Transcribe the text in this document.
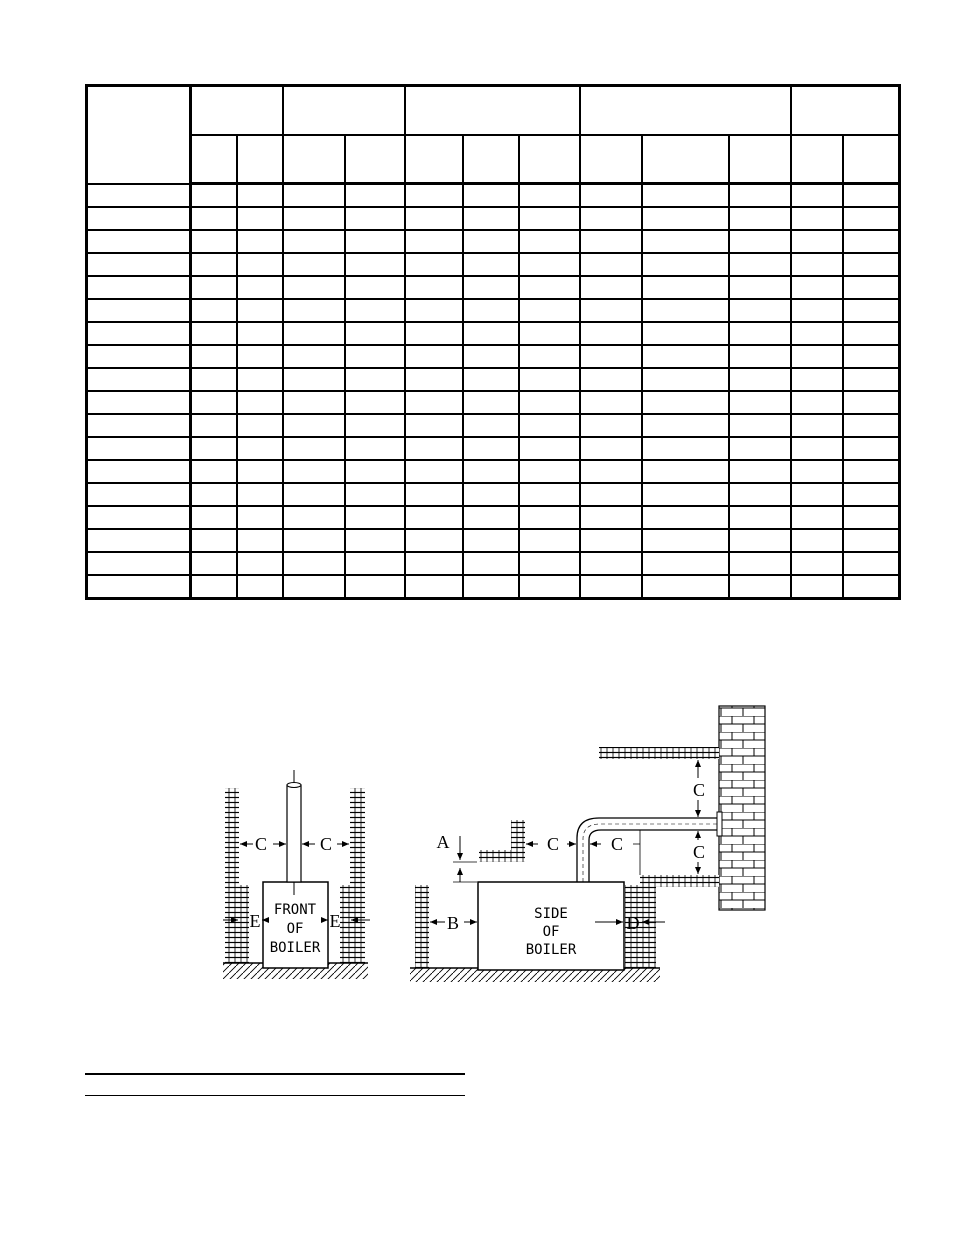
FRONT
OF
BOILER
C	C
E	E
A	C	C
C
C
B	D
SIDE
OF
BOILER
